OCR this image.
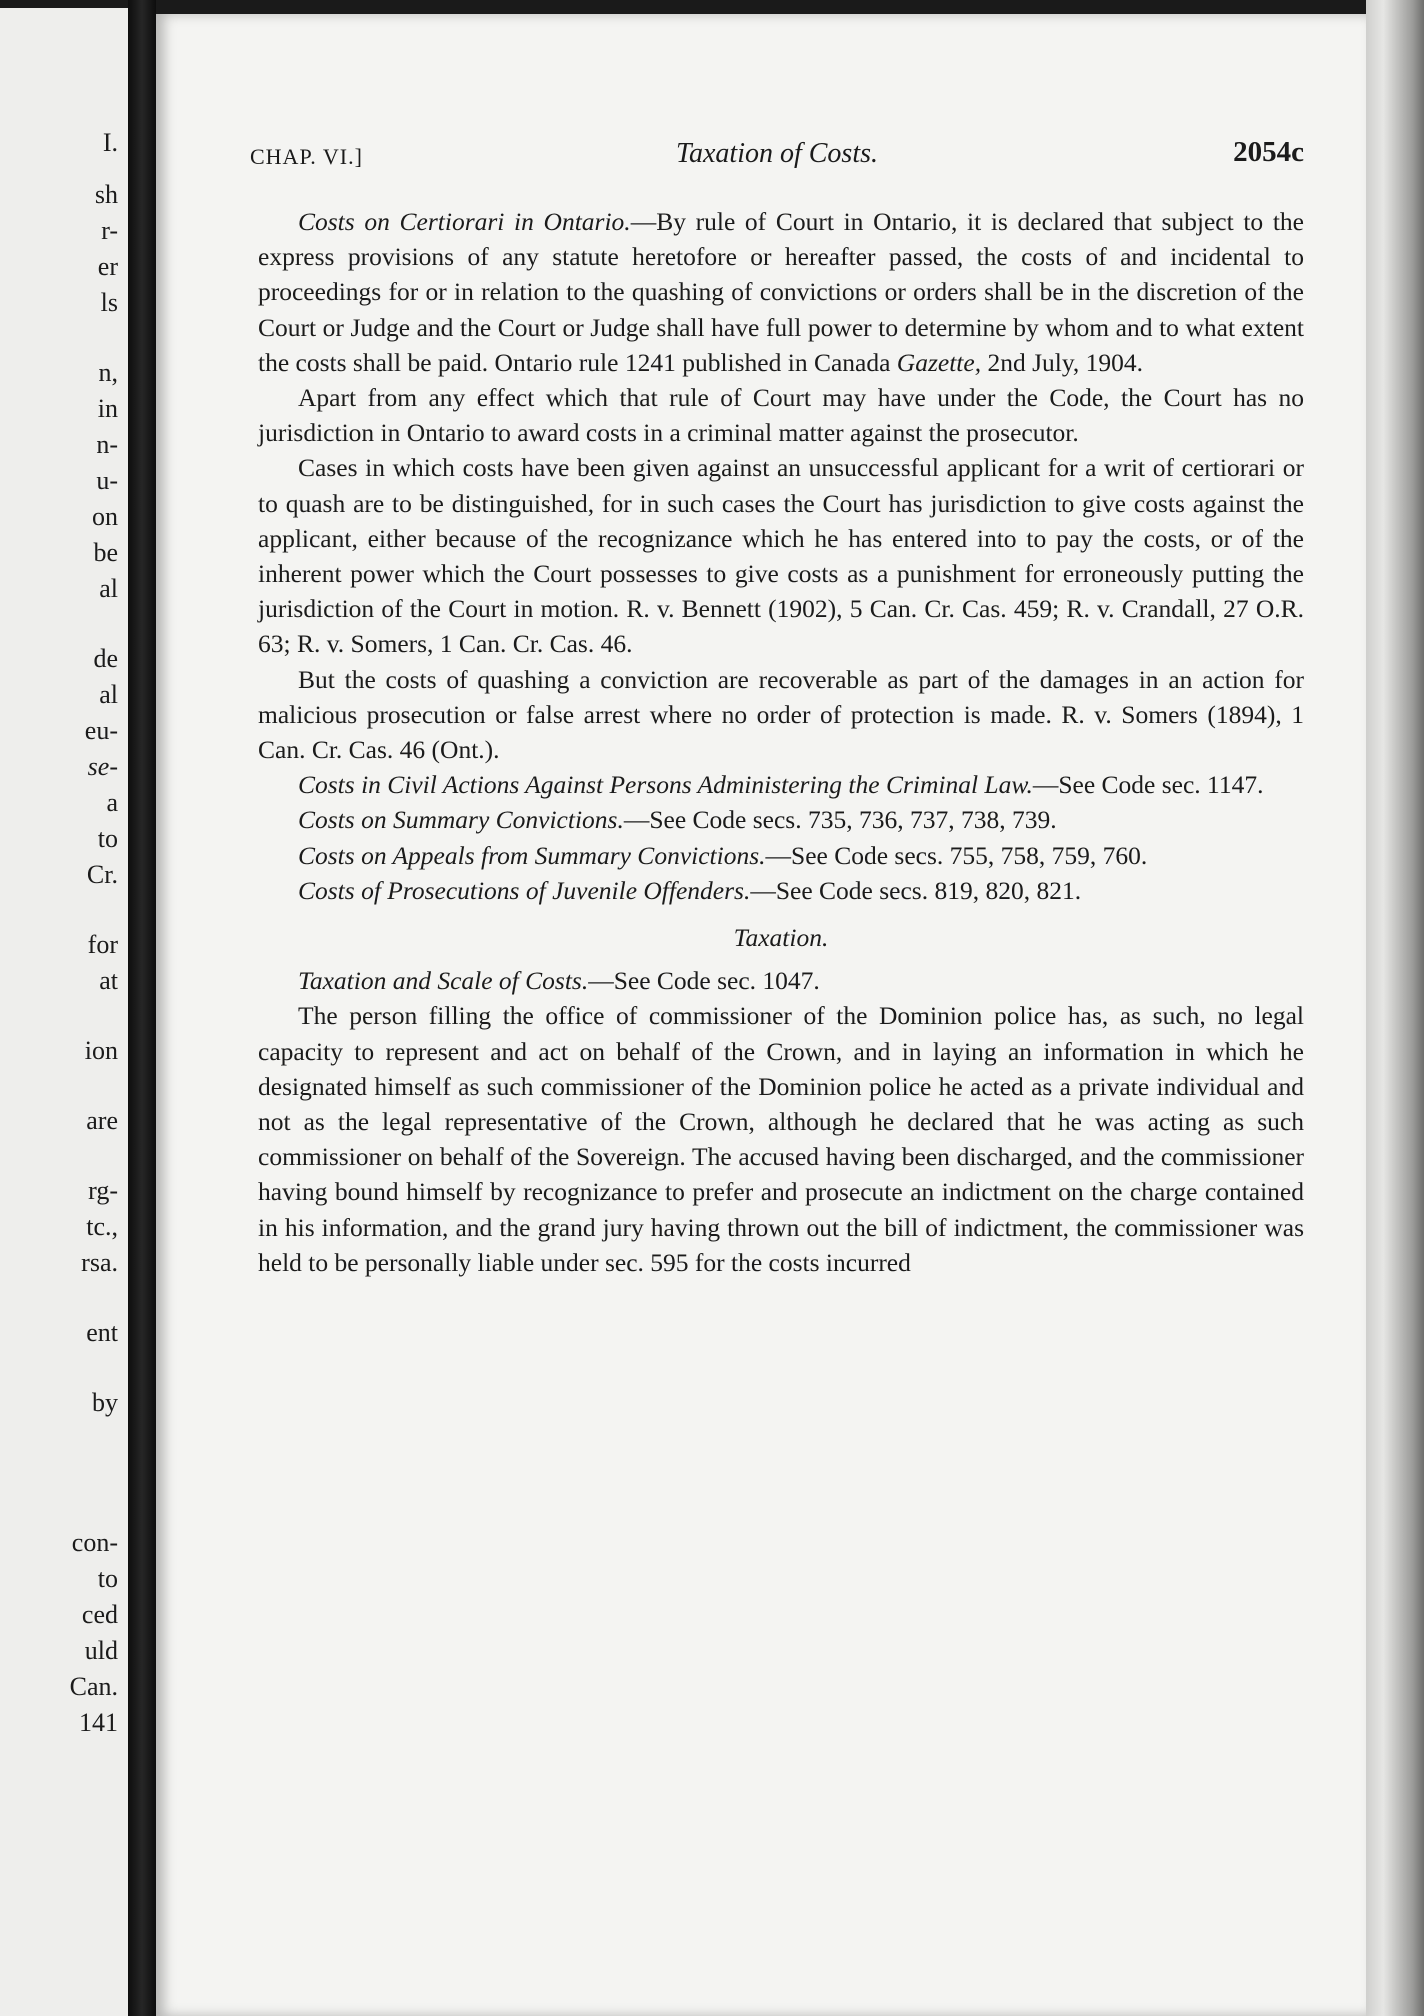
I.
sh
r-
er
ls
n,
in
n-
u-
on
be
al
de
al
eu-
se-
a
to
Cr.
for
at
ion
are
rg-
tc.,
rsa.
ent
by
con-
to
ced
uld
Can.
141
CHAP. VI.]	Taxation of Costs.	2054c

Costs on Certiorari in Ontario.—By rule of Court in Ontario, it is declared that subject to the express provisions of any statute heretofore or hereafter passed, the costs of and incidental to proceedings for or in relation to the quashing of convictions or orders shall be in the discretion of the Court or Judge and the Court or Judge shall have full power to determine by whom and to what extent the costs shall be paid. Ontario rule 1241 published in Canada Gazette, 2nd July, 1904.

Apart from any effect which that rule of Court may have under the Code, the Court has no jurisdiction in Ontario to award costs in a criminal matter against the prosecutor.

Cases in which costs have been given against an unsuccessful applicant for a writ of certiorari or to quash are to be distinguished, for in such cases the Court has jurisdiction to give costs against the applicant, either because of the recognizance which he has entered into to pay the costs, or of the inherent power which the Court possesses to give costs as a punishment for erroneously putting the jurisdiction of the Court in motion. R. v. Bennett (1902), 5 Can. Cr. Cas. 459; R. v. Crandall, 27 O.R. 63; R. v. Somers, 1 Can. Cr. Cas. 46.

But the costs of quashing a conviction are recoverable as part of the damages in an action for malicious prosecution or false arrest where no order of protection is made. R. v. Somers (1894), 1 Can. Cr. Cas. 46 (Ont.).

Costs in Civil Actions Against Persons Administering the Criminal Law.—See Code sec. 1147.

Costs on Summary Convictions.—See Code secs. 735, 736, 737, 738, 739.

Costs on Appeals from Summary Convictions.—See Code secs. 755, 758, 759, 760.

Costs of Prosecutions of Juvenile Offenders.—See Code secs. 819, 820, 821.

Taxation.

Taxation and Scale of Costs.—See Code sec. 1047.

The person filling the office of commissioner of the Dominion police has, as such, no legal capacity to represent and act on behalf of the Crown, and in laying an information in which he designated himself as such commissioner of the Dominion police he acted as a private individual and not as the legal representative of the Crown, although he declared that he was acting as such commissioner on behalf of the Sovereign. The accused having been discharged, and the commissioner having bound himself by recognizance to prefer and prosecute an indictment on the charge contained in his information, and the grand jury having thrown out the bill of indictment, the commissioner was held to be personally liable under sec. 595 for the costs incurred
